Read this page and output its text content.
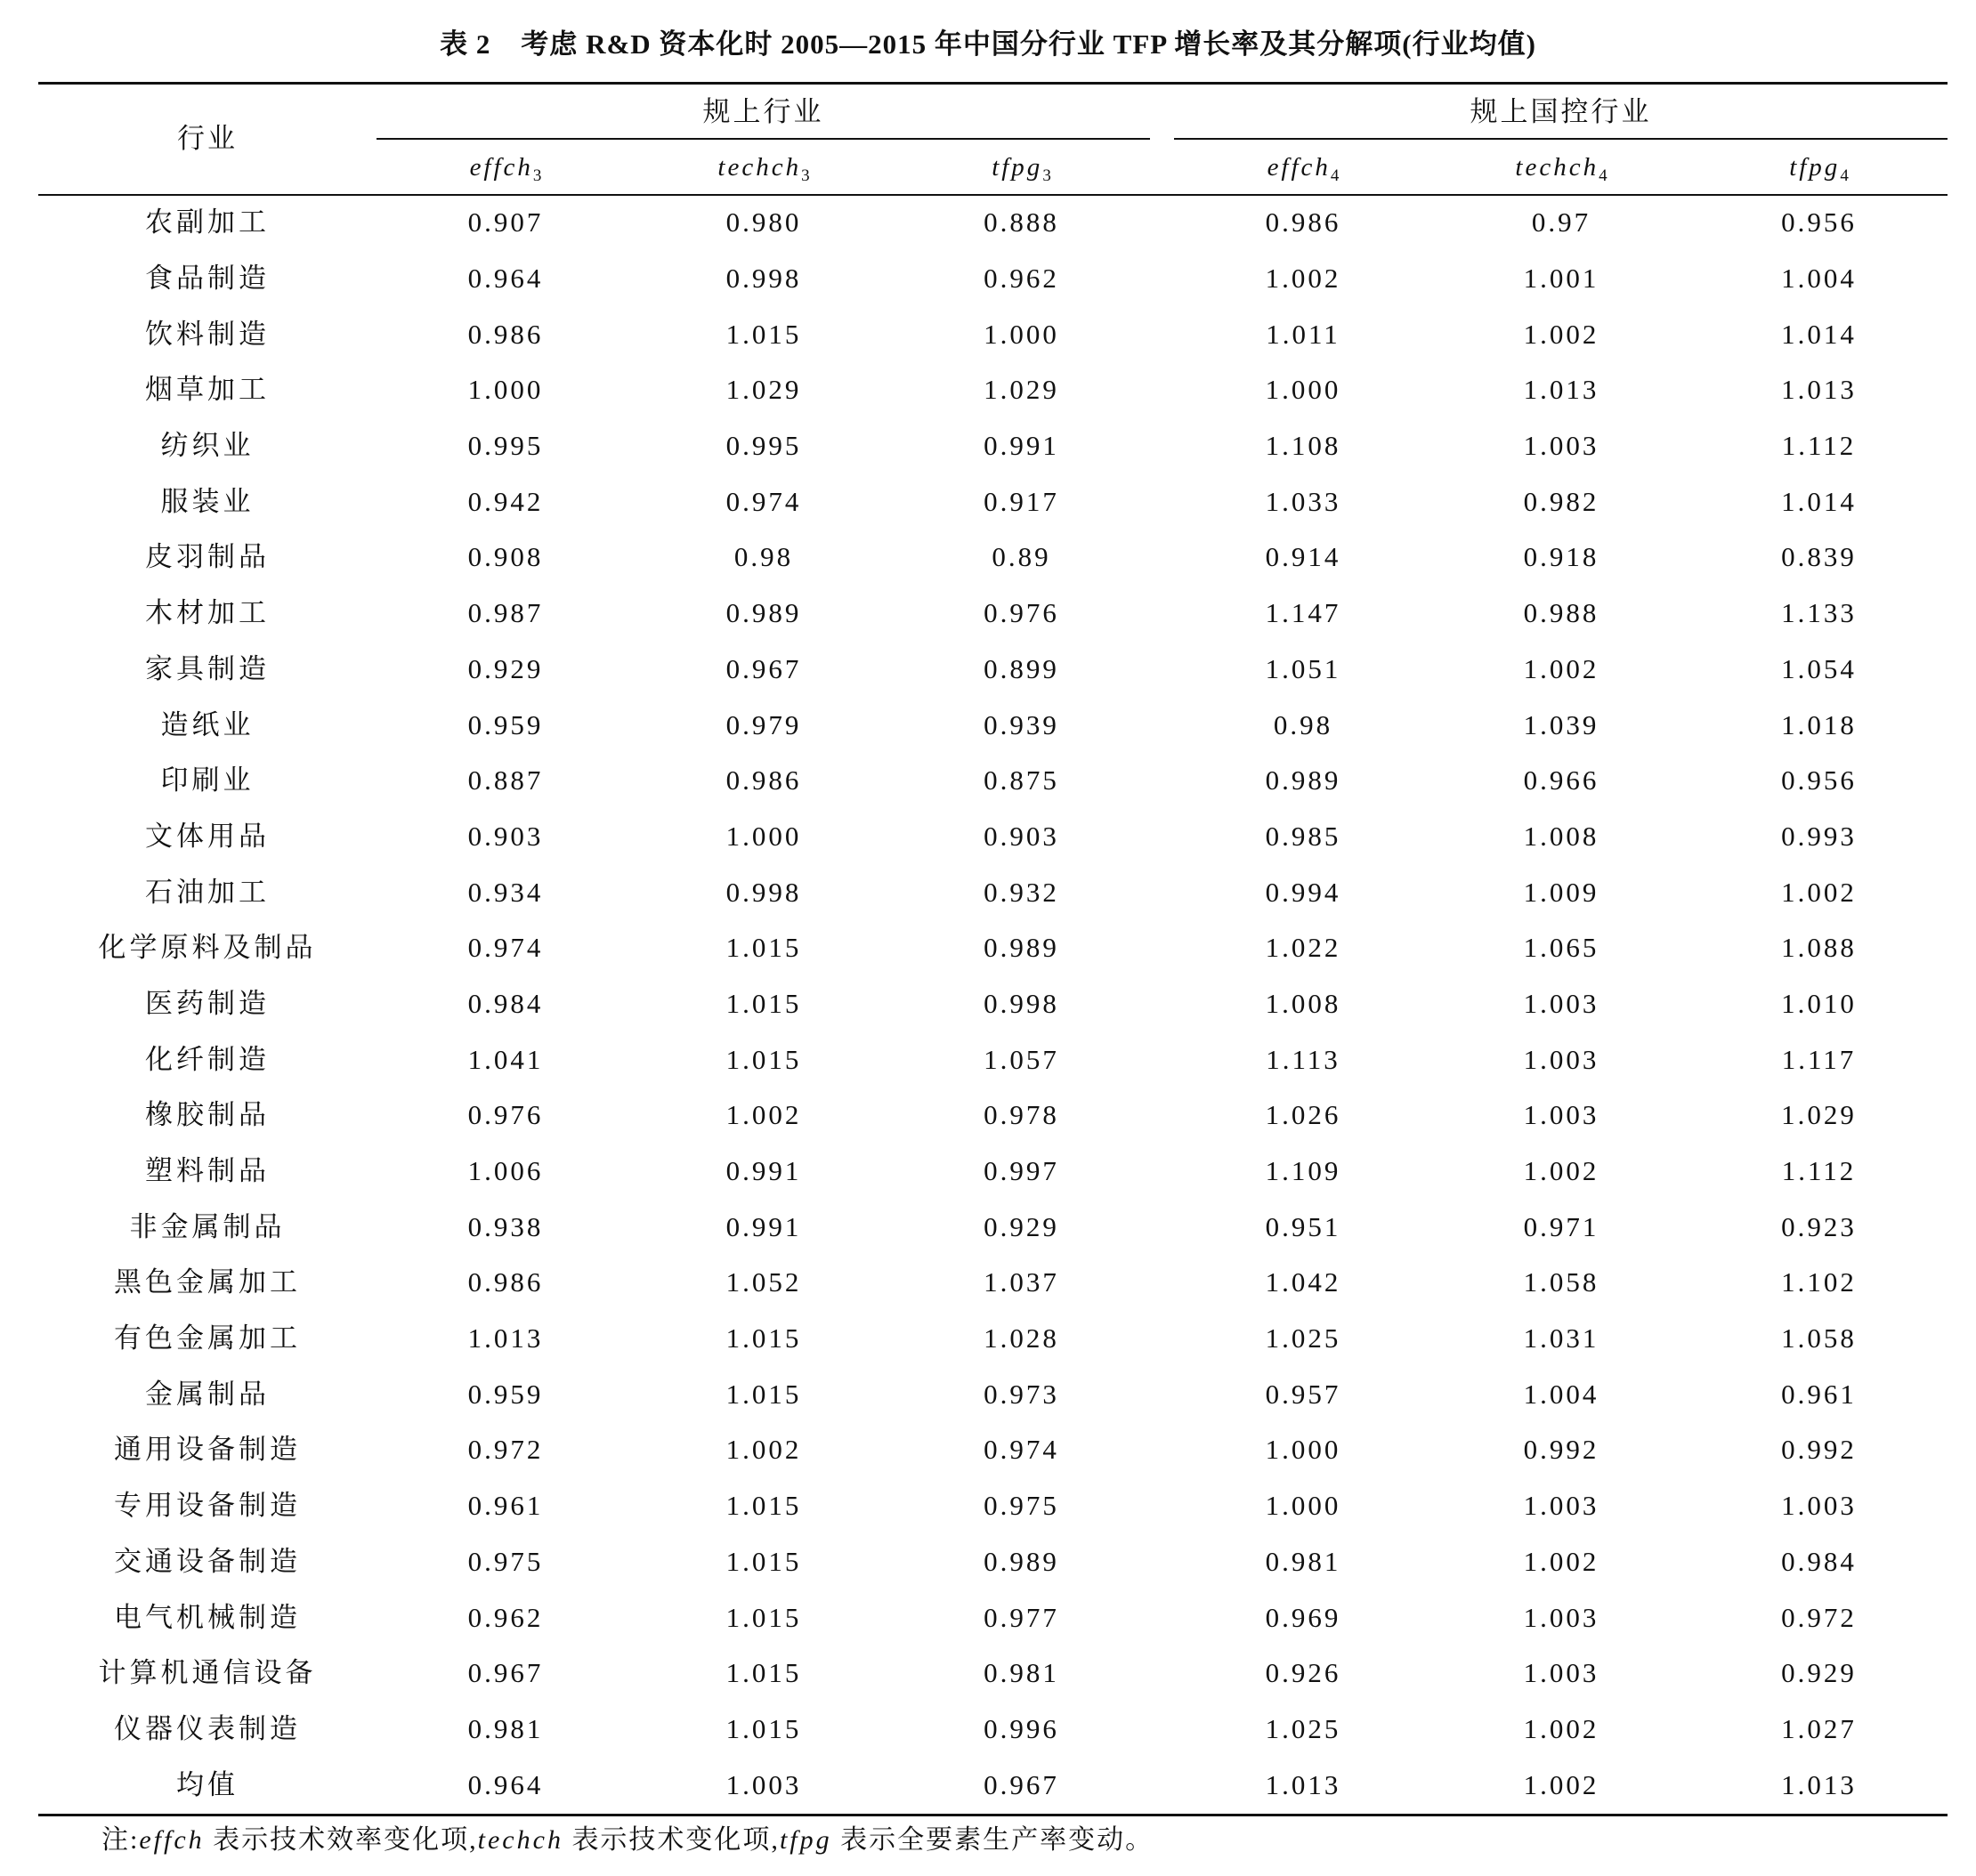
表 2 考虑 R&D 资本化时 2005—2015 年中国分行业 TFP 增长率及其分解项(行业均值)
行业
规上行业	规上国控行业
effch$_3$	techch$_3$	tfpg$_3$	effch$_4$	techch$_4$	tfpg$_4$
农副加工	0.907	0.980	0.888	0.986	0.97	0.956
食品制造	0.964	0.998	0.962	1.002	1.001	1.004
饮料制造	0.986	1.015	1.000	1.011	1.002	1.014
烟草加工	1.000	1.029	1.029	1.000	1.013	1.013
纺织业	0.995	0.995	0.991	1.108	1.003	1.112
服装业	0.942	0.974	0.917	1.033	0.982	1.014
皮羽制品	0.908	0.98	0.89	0.914	0.918	0.839
木材加工	0.987	0.989	0.976	1.147	0.988	1.133
家具制造	0.929	0.967	0.899	1.051	1.002	1.054
造纸业	0.959	0.979	0.939	0.98	1.039	1.018
印刷业	0.887	0.986	0.875	0.989	0.966	0.956
文体用品	0.903	1.000	0.903	0.985	1.008	0.993
石油加工	0.934	0.998	0.932	0.994	1.009	1.002
化学原料及制品	0.974	1.015	0.989	1.022	1.065	1.088
医药制造	0.984	1.015	0.998	1.008	1.003	1.010
化纤制造	1.041	1.015	1.057	1.113	1.003	1.117
橡胶制品	0.976	1.002	0.978	1.026	1.003	1.029
塑料制品	1.006	0.991	0.997	1.109	1.002	1.112
非金属制品	0.938	0.991	0.929	0.951	0.971	0.923
黑色金属加工	0.986	1.052	1.037	1.042	1.058	1.102
有色金属加工	1.013	1.015	1.028	1.025	1.031	1.058
金属制品	0.959	1.015	0.973	0.957	1.004	0.961
通用设备制造	0.972	1.002	0.974	1.000	0.992	0.992
专用设备制造	0.961	1.015	0.975	1.000	1.003	1.003
交通设备制造	0.975	1.015	0.989	0.981	1.002	0.984
电气机械制造	0.962	1.015	0.977	0.969	1.003	0.972
计算机通信设备	0.967	1.015	0.981	0.926	1.003	0.929
仪器仪表制造	0.981	1.015	0.996	1.025	1.002	1.027
均值	0.964	1.003	0.967	1.013	1.002	1.013
注:effch 表示技术效率变化项,techch 表示技术变化项,tfpg 表示全要素生产率变动。
